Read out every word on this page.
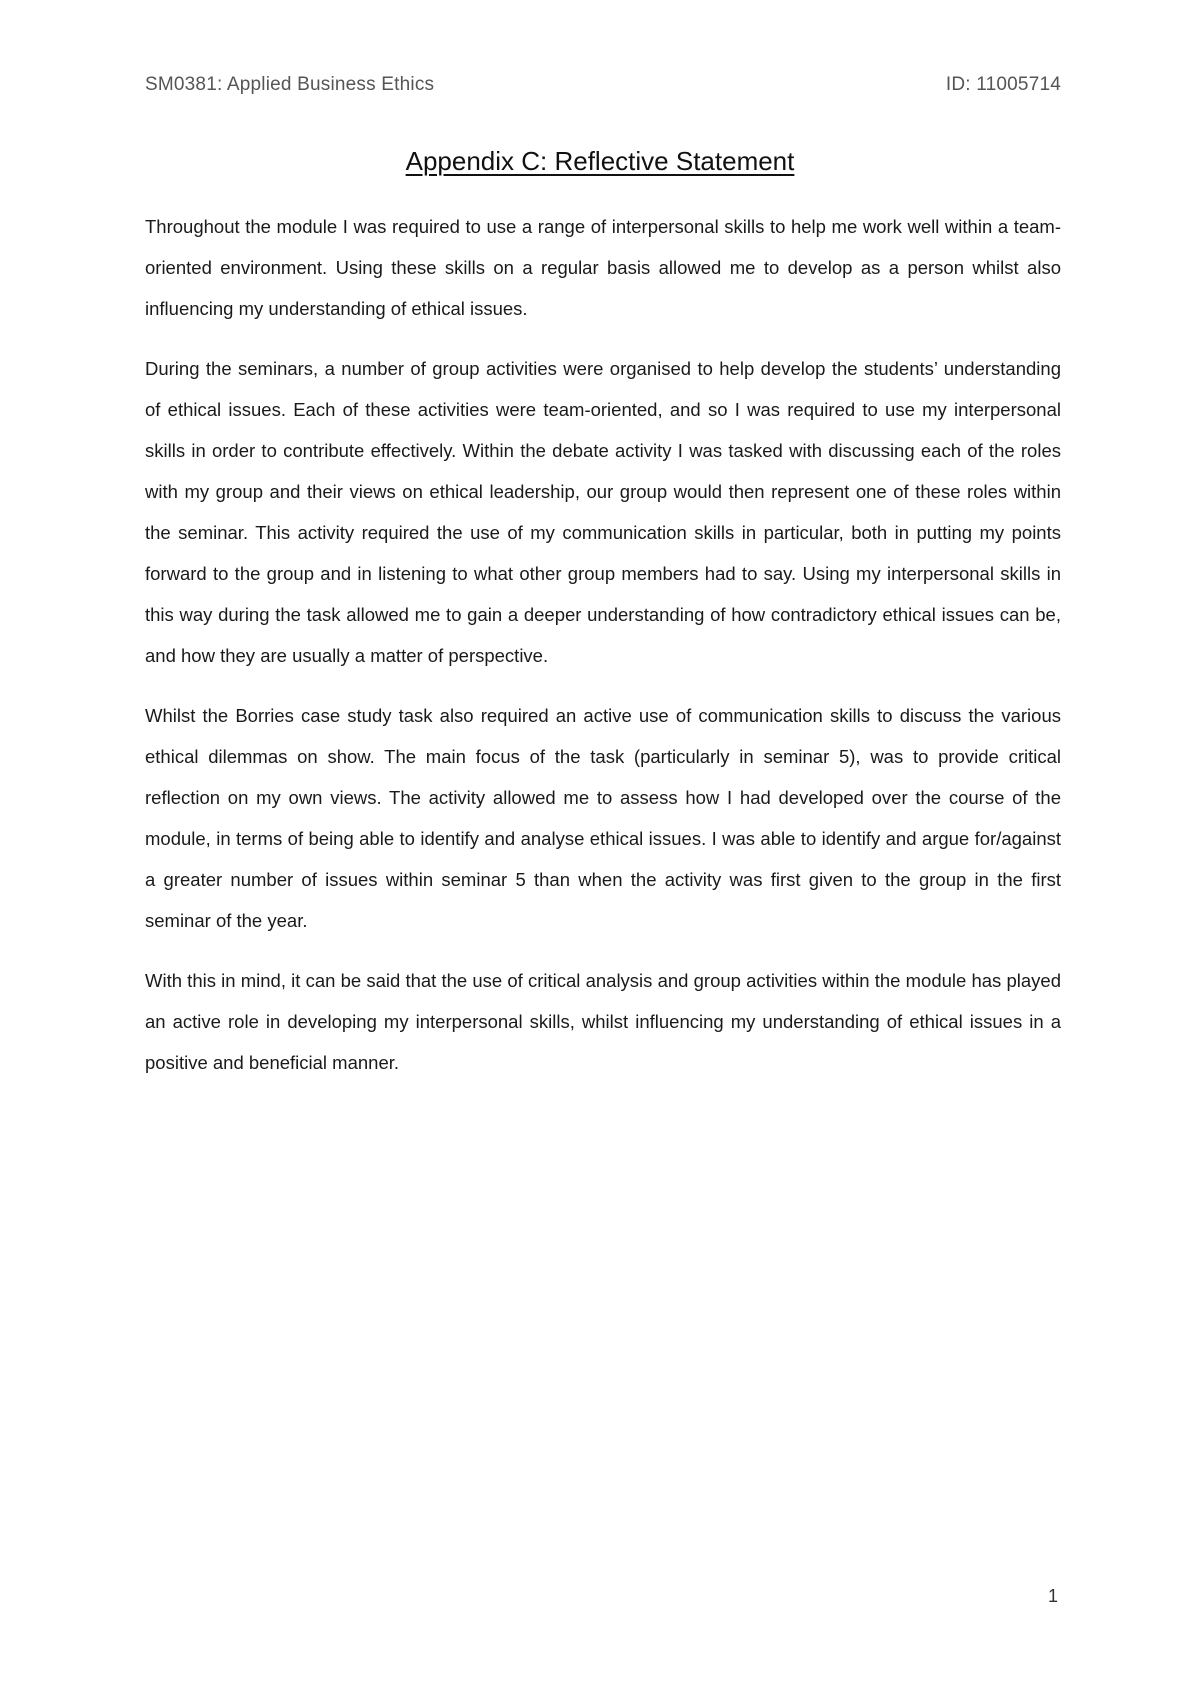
SM0381: Applied Business Ethics	ID: 11005714
Appendix C: Reflective Statement

Throughout the module I was required to use a range of interpersonal skills to help me work well within a team-oriented environment. Using these skills on a regular basis allowed me to develop as a person whilst also influencing my understanding of ethical issues.

During the seminars, a number of group activities were organised to help develop the students’ understanding of ethical issues. Each of these activities were team-oriented, and so I was required to use my interpersonal skills in order to contribute effectively. Within the debate activity I was tasked with discussing each of the roles with my group and their views on ethical leadership, our group would then represent one of these roles within the seminar. This activity required the use of my communication skills in particular, both in putting my points forward to the group and in listening to what other group members had to say. Using my interpersonal skills in this way during the task allowed me to gain a deeper understanding of how contradictory ethical issues can be, and how they are usually a matter of perspective.

Whilst the Borries case study task also required an active use of communication skills to discuss the various ethical dilemmas on show. The main focus of the task (particularly in seminar 5), was to provide critical reflection on my own views. The activity allowed me to assess how I had developed over the course of the module, in terms of being able to identify and analyse ethical issues. I was able to identify and argue for/against a greater number of issues within seminar 5 than when the activity was first given to the group in the first seminar of the year.

With this in mind, it can be said that the use of critical analysis and group activities within the module has played an active role in developing my interpersonal skills, whilst influencing my understanding of ethical issues in a positive and beneficial manner.

1
